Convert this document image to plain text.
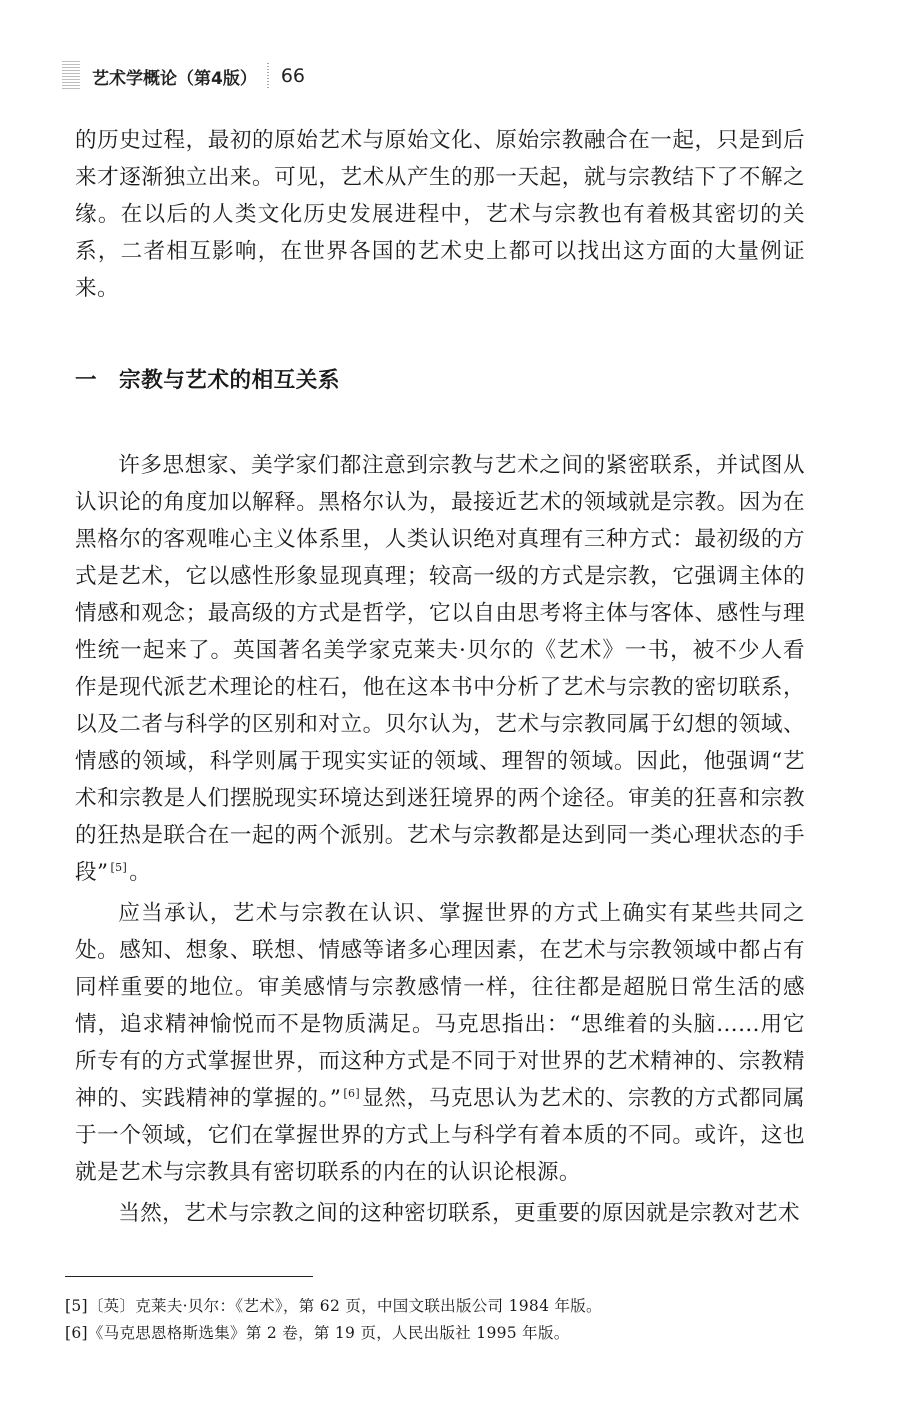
艺术学概论（第4版） 66

的历史过程，最初的原始艺术与原始文化、原始宗教融合在一起，只是到后来才逐渐独立出来。可见，艺术从产生的那一天起，就与宗教结下了不解之缘。在以后的人类文化历史发展进程中，艺术与宗教也有着极其密切的关系，二者相互影响，在世界各国的艺术史上都可以找出这方面的大量例证来。

一	宗教与艺术的相互关系

许多思想家、美学家们都注意到宗教与艺术之间的紧密联系，并试图从认识论的角度加以解释。黑格尔认为，最接近艺术的领域就是宗教。因为在黑格尔的客观唯心主义体系里，人类认识绝对真理有三种方式：最初级的方式是艺术，它以感性形象显现真理；较高一级的方式是宗教，它强调主体的情感和观念；最高级的方式是哲学，它以自由思考将主体与客体、感性与理性统一起来了。英国著名美学家克莱夫·贝尔的《艺术》一书，被不少人看作是现代派艺术理论的柱石，他在这本书中分析了艺术与宗教的密切联系，以及二者与科学的区别和对立。贝尔认为，艺术与宗教同属于幻想的领域、情感的领域，科学则属于现实实证的领域、理智的领域。因此，他强调“艺术和宗教是人们摆脱现实环境达到迷狂境界的两个途径。审美的狂喜和宗教的狂热是联合在一起的两个派别。艺术与宗教都是达到同一类心理状态的手段” [5]。

应当承认，艺术与宗教在认识、掌握世界的方式上确实有某些共同之处。感知、想象、联想、情感等诸多心理因素，在艺术与宗教领域中都占有同样重要的地位。审美感情与宗教感情一样，往往都是超脱日常生活的感情，追求精神愉悦而不是物质满足。马克思指出：“思维着的头脑……用它所专有的方式掌握世界，而这种方式是不同于对世界的艺术精神的、宗教精神的、实践精神的掌握的。” [6]显然，马克思认为艺术的、宗教的方式都同属于一个领域，它们在掌握世界的方式上与科学有着本质的不同。或许，这也就是艺术与宗教具有密切联系的内在的认识论根源。

当然，艺术与宗教之间的这种密切联系，更重要的原因就是宗教对艺术

[5]〔英〕克莱夫·贝尔：《艺术》，第 62 页，中国文联出版公司 1984 年版。

[6]《马克思恩格斯选集》第 2 卷，第 19 页，人民出版社 1995 年版。
